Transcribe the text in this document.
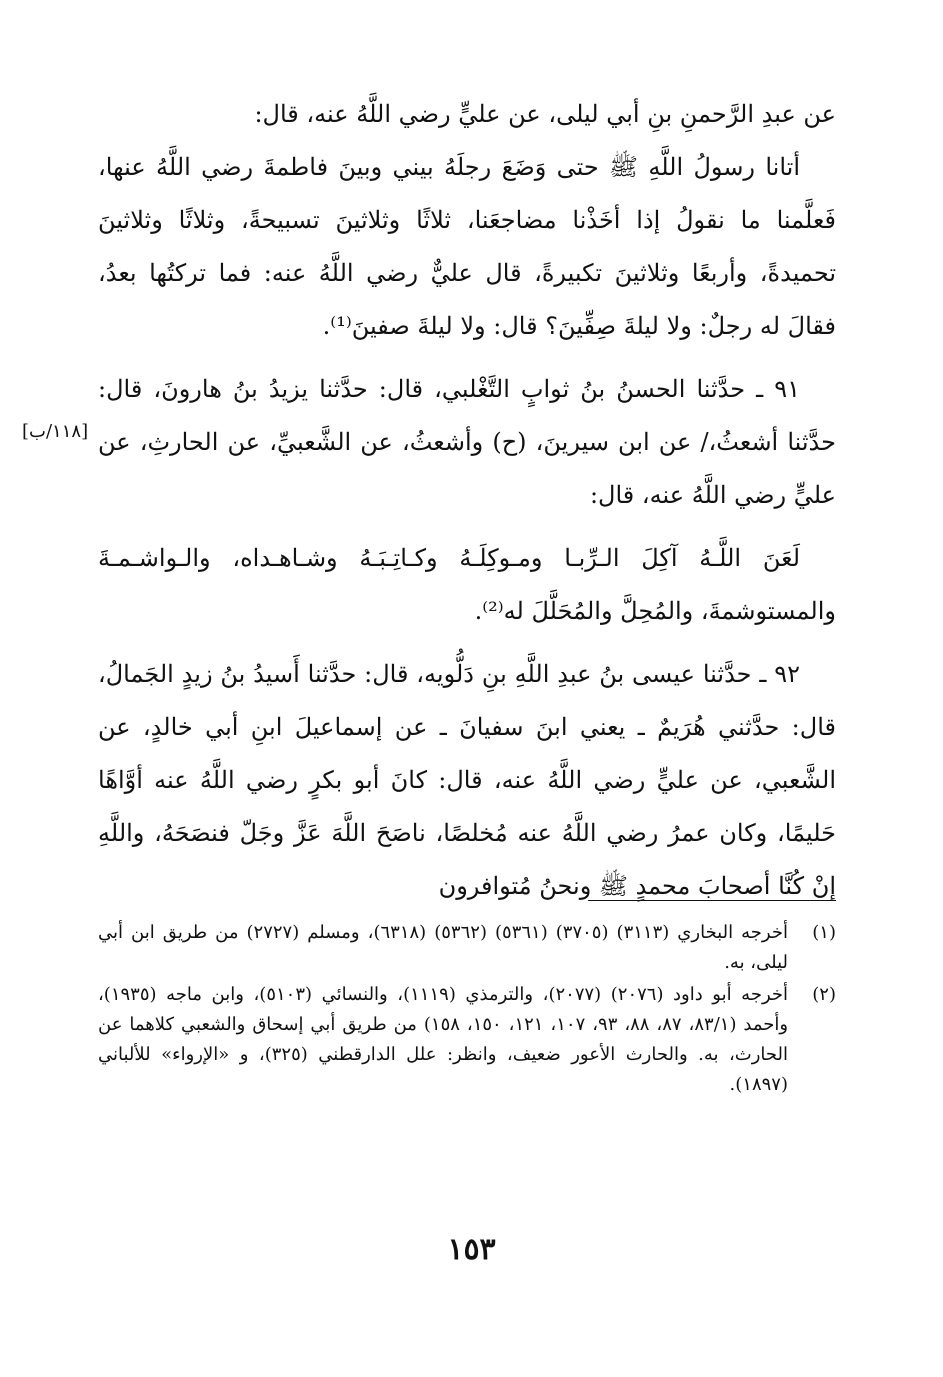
عن عبدِ الرَّحمنِ بنِ أبي ليلى، عن عليٍّ رضي اللَّهُ عنه، قال:

أتانا رسولُ اللَّهِ ﷺ حتى وَضَعَ رجلَهُ بيني وبينَ فاطمةَ رضي اللَّهُ عنها، فَعلَّمنا ما نقولُ إذا أخَذْنا مضاجعَنا، ثلاثًا وثلاثينَ تسبيحةً، وثلاثًا وثلاثينَ تحميدةً، وأربعًا وثلاثينَ تكبيرةً، قال عليٌّ رضي اللَّهُ عنه: فما تركتُها بعدُ، فقالَ له رجلٌ: ولا ليلةَ صِفِّينَ؟ قال: ولا ليلةَ صفينَ⁽¹⁾.

٩١ ـ حدَّثنا الحسنُ بنُ ثوابٍ التَّغْلبي، قال: حدَّثنا يزيدُ بنُ هارونَ، قال: حدَّثنا أشعثُ،/ عن ابن سيرينَ، (ح) وأشعثُ، عن الشَّعبيِّ، عن الحارثِ، عن عليٍّ رضي اللَّهُ عنه، قال:

لَعَنَ اللَّـهُ آكِلَ الـرِّبـا ومـوكِلَـهُ وكـاتِـبَـهُ وشـاهـداه، والـواشـمـةَ والمستوشمةَ، والمُحِلَّ والمُحَلَّلَ له⁽²⁾.

٩٢ ـ حدَّثنا عيسى بنُ عبدِ اللَّهِ بنِ دَلُّويه، قال: حدَّثنا أَسيدُ بنُ زيدٍ الجَمالُ، قال: حدَّثني هُرَيمٌ ـ يعني ابنَ سفيانَ ـ عن إسماعيلَ ابنِ أبي خالدٍ، عن الشَّعبي، عن عليٍّ رضي اللَّهُ عنه، قال: كانَ أبو بكرٍ رضي اللَّهُ عنه أوَّاهًا حَليمًا، وكان عمرُ رضي اللَّهُ عنه مُخلصًا، ناصَحَ اللَّهَ عَزَّ وجَلّ فنصَحَهُ، واللَّهِ إنْ كُنَّا أصحابَ محمدٍ ﷺ ونحنُ مُتوافرون

[١١٨/ب]
(١)
أخرجه البخاري (٣١١٣) (٣٧٠٥) (٥٣٦١) (٥٣٦٢) (٦٣١٨)، ومسلم (٢٧٢٧) من طريق ابن أبي ليلى، به.
(٢)
أخرجه أبو داود (٢٠٧٦) (٢٠٧٧)، والترمذي (١١١٩)، والنسائي (٥١٠٣)، وابن ماجه (١٩٣٥)، وأحمد (٨٣/١، ٨٧، ٨٨، ٩٣، ١٠٧، ١٢١، ١٥٠، ١٥٨) من طريق أبي إسحاق والشعبي كلاهما عن الحارث، به. والحارث الأعور ضعيف، وانظر: علل الدارقطني (٣٢٥)، و «الإرواء» للألباني (١٨٩٧).
١٥٣
